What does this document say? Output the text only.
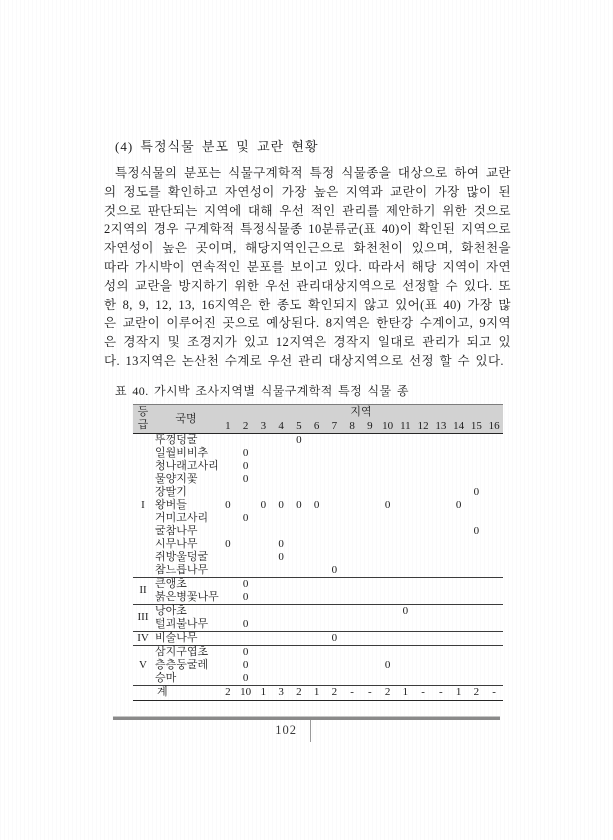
(4) 특정식물 분포 및 교란 현황

특정식물의 분포는 식물구계학적 특정 식물종을 대상으로 하여 교란의 정도를 확인하고 자연성이 가장 높은 지역과 교란이 가장 많이 된 것으로 판단되는 지역에 대해 우선 적인 관리를 제안하기 위한 것으로 2지역의 경우 구계학적 특정식물종 10분류군(표 40)이 확인된 지역으로 자연성이 높은 곳이며, 해당지역인근으로 화천천이 있으며, 화천천을 따라 가시박이 연속적인 분포를 보이고 있다. 따라서 해당 지역이 자연성의 교란을 방지하기 위한 우선 관리대상지역으로 선정할 수 있다. 또한 8, 9, 12, 13, 16지역은 한 종도 확인되지 않고 있어(표 40) 가장 많은 교란이 이루어진 곳으로 예상된다. 8지역은 한탄강 수계이고, 9지역은 경작지 및 조경지가 있고 12지역은 경작지 일대로 관리가 되고 있다. 13지역은 논산천 수계로 우선 관리 대상지역으로 선정 할 수 있다.

표 40. 가시박 조사지역별 식물구계학적 특정 식물 종

등급	국명	지역															
		1	2	3	4	5	6	7	8	9	10	11	12	13	14	15	16
I	뚜껑덩굴					0											
	일월비비추		0														
	청나래고사리		0														
	물양지꽃		0														
	장딸기															0	
	왕버들	0		0	0	0	0				0				0		
	거미고사리		0														
	굴참나무															0	
	시무나무	0			0												
	쥐방울덩굴				0												
	참느릅나무							0									
II	큰앵초		0														
	붉은병꽃나무		0														
III	낭아초											0					
	털괴불나무		0														
IV	비술나무							0									
V	삼지구엽초		0														
	층층둥굴레		0								0						
	승마		0														
계		2	10	1	3	2	1	2	-	-	2	1	-	-	1	2	-
102
